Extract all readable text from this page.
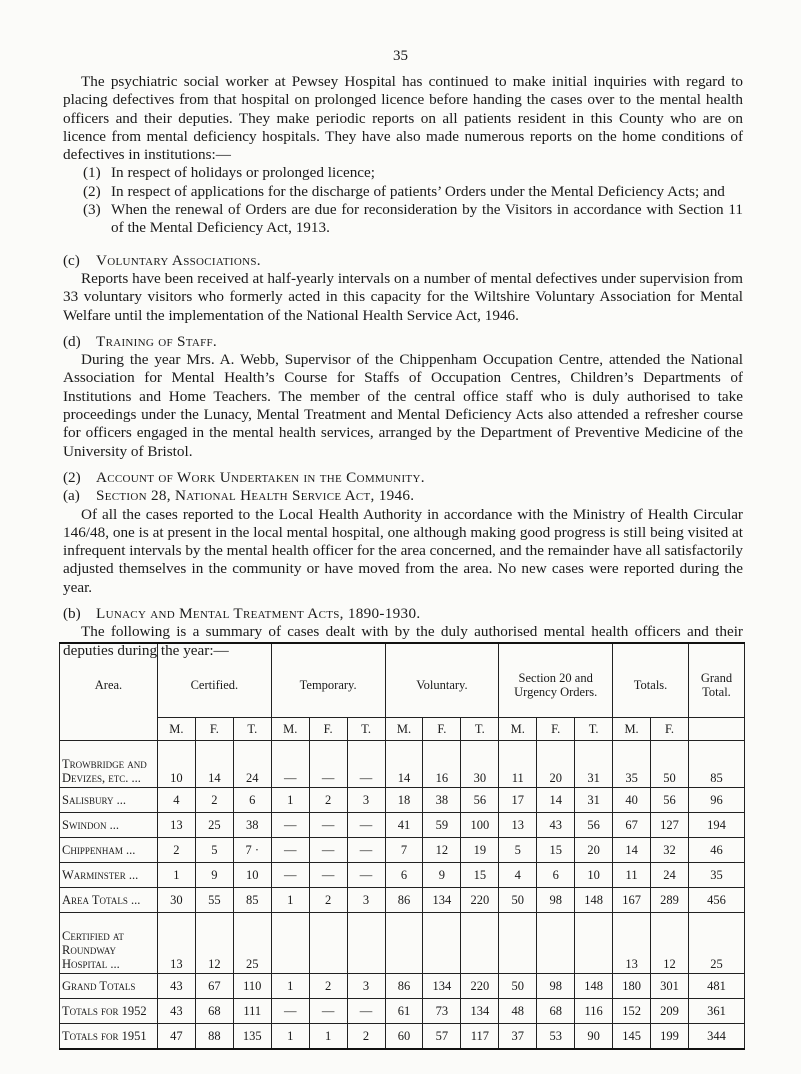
35

The psychiatric social worker at Pewsey Hospital has continued to make initial inquiries with regard to placing defectives from that hospital on prolonged licence before handing the cases over to the mental health officers and their deputies. They make periodic reports on all patients resident in this County who are on licence from mental deficiency hospitals. They have also made numerous reports on the home conditions of defectives in institutions:—

(1) In respect of holidays or prolonged licence;
(2) In respect of applications for the discharge of patients’ Orders under the Mental Deficiency Acts; and
(3) When the renewal of Orders are due for reconsideration by the Visitors in accordance with Section 11 of the Mental Deficiency Act, 1913.
(c)	Voluntary Associations.

Reports have been received at half-yearly intervals on a number of mental defectives under supervision from 33 voluntary visitors who formerly acted in this capacity for the Wiltshire Voluntary Association for Mental Welfare until the implementation of the National Health Service Act, 1946.

(d)	Training of Staff.

During the year Mrs. A. Webb, Supervisor of the Chippenham Occupation Centre, attended the National Association for Mental Health’s Course for Staffs of Occupation Centres, Children’s Departments of Institutions and Home Teachers. The member of the central office staff who is duly authorised to take proceedings under the Lunacy, Mental Treatment and Mental Deficiency Acts also attended a refresher course for officers engaged in the mental health services, arranged by the Department of Preventive Medicine of the University of Bristol.

(2)	Account of Work Undertaken in the Community.
(a)	Section 28, National Health Service Act, 1946.

Of all the cases reported to the Local Health Authority in accordance with the Ministry of Health Circular 146/48, one is at present in the local mental hospital, one although making good progress is still being visited at infrequent intervals by the mental health officer for the area concerned, and the remainder have all satisfactorily adjusted themselves in the community or have moved from the area. No new cases were reported during the year.

(b)	Lunacy and Mental Treatment Acts, 1890-1930.

The following is a summary of cases dealt with by the duly authorised mental health officers and their deputies during the year:—

Area.	Certified.			Temporary.			Voluntary.			Section 20 and
Urgency Orders.			Totals.		Grand
Total.

	M.	F.	T.	M.	F.	T.	M.	F.	T.	M.	F.	T.	M.	F.	

Trowbridge and
Devizes, etc. ...	10	14	24	—	—	—	14	16	30	11	20	31	35	50	85

Salisbury ...	4	2	6	1	2	3	18	38	56	17	14	31	40	56	96

Swindon ...	13	25	38	—	—	—	41	59	100	13	43	56	67	127	194

Chippenham ...	2	5	7 ·	—	—	—	7	12	19	5	15	20	14	32	46

Warminster ...	1	9	10	—	—	—	6	9	15	4	6	10	11	24	35

Area Totals ...	30	55	85	1	2	3	86	134	220	50	98	148	167	289	456

Certified at
Roundway
Hospital ...	13	12	25										13	12	25

Grand Totals	43	67	110	1	2	3	86	134	220	50	98	148	180	301	481

Totals for 1952	43	68	111	—	—	—	61	73	134	48	68	116	152	209	361

Totals for 1951	47	88	135	1	1	2	60	57	117	37	53	90	145	199	344
